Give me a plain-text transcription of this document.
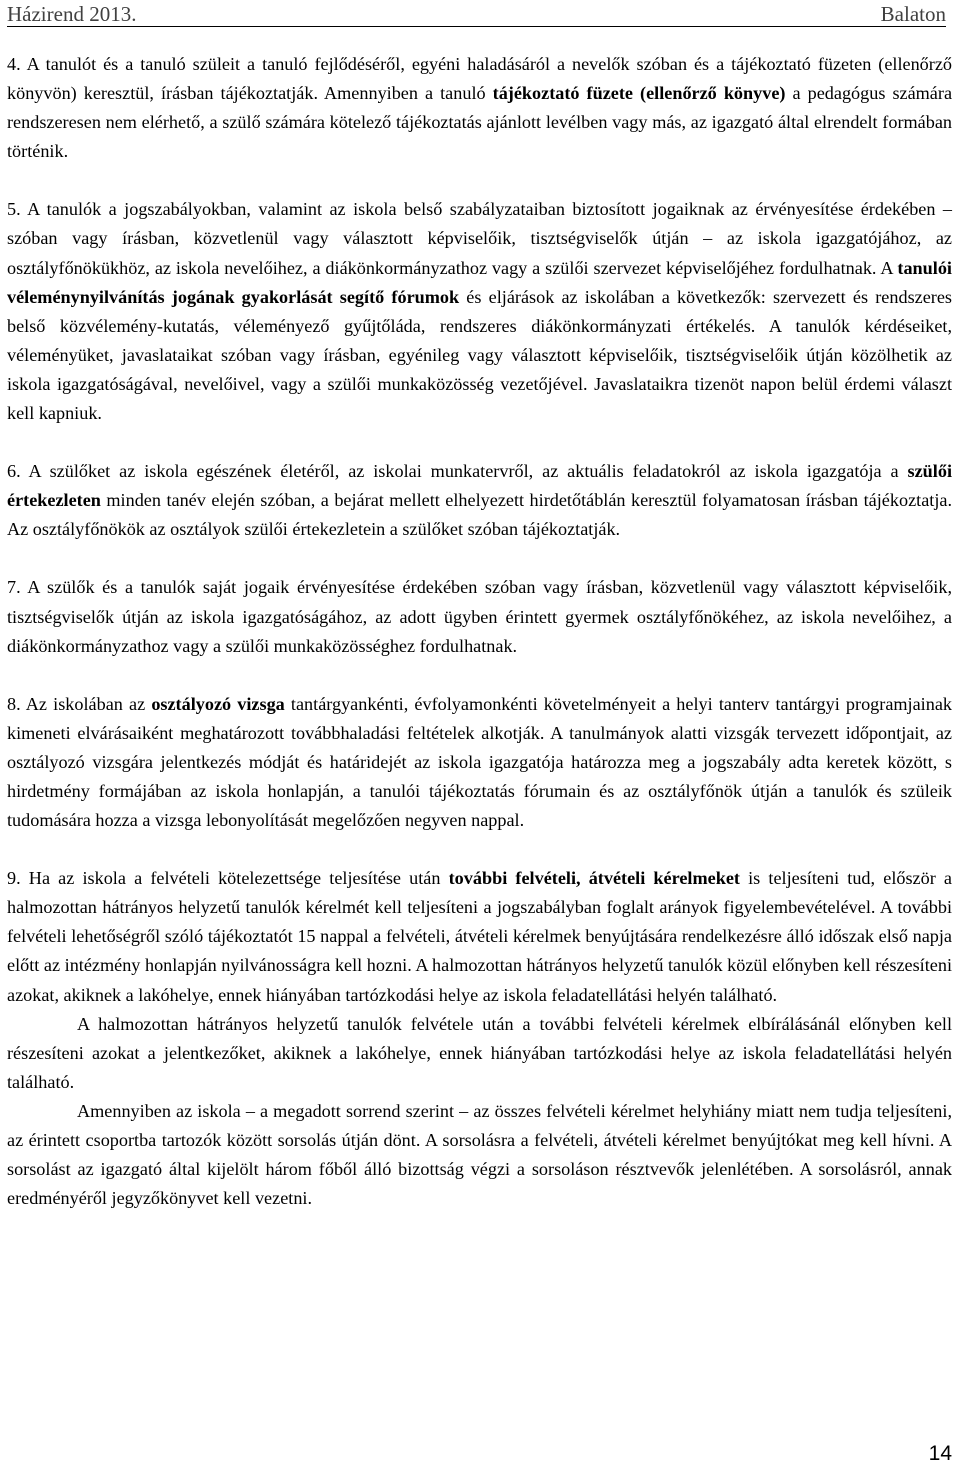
Házirend 2013.	Balaton

4. A tanulót és a tanuló szüleit a tanuló fejlődéséről, egyéni haladásáról a nevelők szóban és a tájékoztató füzeten (ellenőrző könyvön) keresztül, írásban tájékoztatják. Amennyiben a tanuló tájékoztató füzete (ellenőrző könyve) a pedagógus számára rendszeresen nem elérhető, a szülő számára kötelező tájékoztatás ajánlott levélben vagy más, az igazgató által elrendelt formában történik.

5. A tanulók a jogszabályokban, valamint az iskola belső szabályzataiban biztosított jogaiknak az érvényesítése érdekében – szóban vagy írásban, közvetlenül vagy választott képviselőik, tisztségviselők útján – az iskola igazgatójához, az osztályfőnökükhöz, az iskola nevelőihez, a diákönkormányzathoz vagy a szülői szervezet képviselőjéhez fordulhatnak. A tanulói véleménynyilvánítás jogának gyakorlását segítő fórumok és eljárások az iskolában a következők: szervezett és rendszeres belső közvélemény-kutatás, véleményező gyűjtőláda, rendszeres diákönkormányzati értékelés. A tanulók kérdéseiket, véleményüket, javaslataikat szóban vagy írásban, egyénileg vagy választott képviselőik, tisztségviselőik útján közölhetik az iskola igazgatóságával, nevelőivel, vagy a szülői munkaközösség vezetőjével. Javaslataikra tizenöt napon belül érdemi választ kell kapniuk.

6. A szülőket az iskola egészének életéről, az iskolai munkatervről, az aktuális feladatokról az iskola igazgatója a szülői értekezleten minden tanév elején szóban, a bejárat mellett elhelyezett hirdetőtáblán keresztül folyamatosan írásban tájékoztatja. Az osztályfőnökök az osztályok szülői értekezletein a szülőket szóban tájékoztatják.

7. A szülők és a tanulók saját jogaik érvényesítése érdekében szóban vagy írásban, közvetlenül vagy választott képviselőik, tisztségviselők útján az iskola igazgatóságához, az adott ügyben érintett gyermek osztályfőnökéhez, az iskola nevelőihez, a diákönkormányzathoz vagy a szülői munkaközösséghez fordulhatnak.

8. Az iskolában az osztályozó vizsga tantárgyankénti, évfolyamonkénti követelményeit a helyi tanterv tantárgyi programjainak kimeneti elvárásaiként meghatározott továbbhaladási feltételek alkotják. A tanulmányok alatti vizsgák tervezett időpontjait, az osztályozó vizsgára jelentkezés módját és határidejét az iskola igazgatója határozza meg a jogszabály adta keretek között, s hirdetmény formájában az iskola honlapján, a tanulói tájékoztatás fórumain és az osztályfőnök útján a tanulók és szüleik tudomására hozza a vizsga lebonyolítását megelőzően negyven nappal.

9. Ha az iskola a felvételi kötelezettsége teljesítése után további felvételi, átvételi kérelmeket is teljesíteni tud, először a halmozottan hátrányos helyzetű tanulók kérelmét kell teljesíteni a jogszabályban foglalt arányok figyelembevételével. A további felvételi lehetőségről szóló tájékoztatót 15 nappal a felvételi, átvételi kérelmek benyújtására rendelkezésre álló időszak első napja előtt az intézmény honlapján nyilvánosságra kell hozni. A halmozottan hátrányos helyzetű tanulók közül előnyben kell részesíteni azokat, akiknek a lakóhelye, ennek hiányában tartózkodási helye az iskola feladatellátási helyén található.

A halmozottan hátrányos helyzetű tanulók felvétele után a további felvételi kérelmek elbírálásánál előnyben kell részesíteni azokat a jelentkezőket, akiknek a lakóhelye, ennek hiányában tartózkodási helye az iskola feladatellátási helyén található.

Amennyiben az iskola – a megadott sorrend szerint – az összes felvételi kérelmet helyhiány miatt nem tudja teljesíteni, az érintett csoportba tartozók között sorsolás útján dönt. A sorsolásra a felvételi, átvételi kérelmet benyújtókat meg kell hívni. A sorsolást az igazgató által kijelölt három főből álló bizottság végzi a sorsoláson résztvevők jelenlétében. A sorsolásról, annak eredményéről jegyzőkönyvet kell vezetni.

14
